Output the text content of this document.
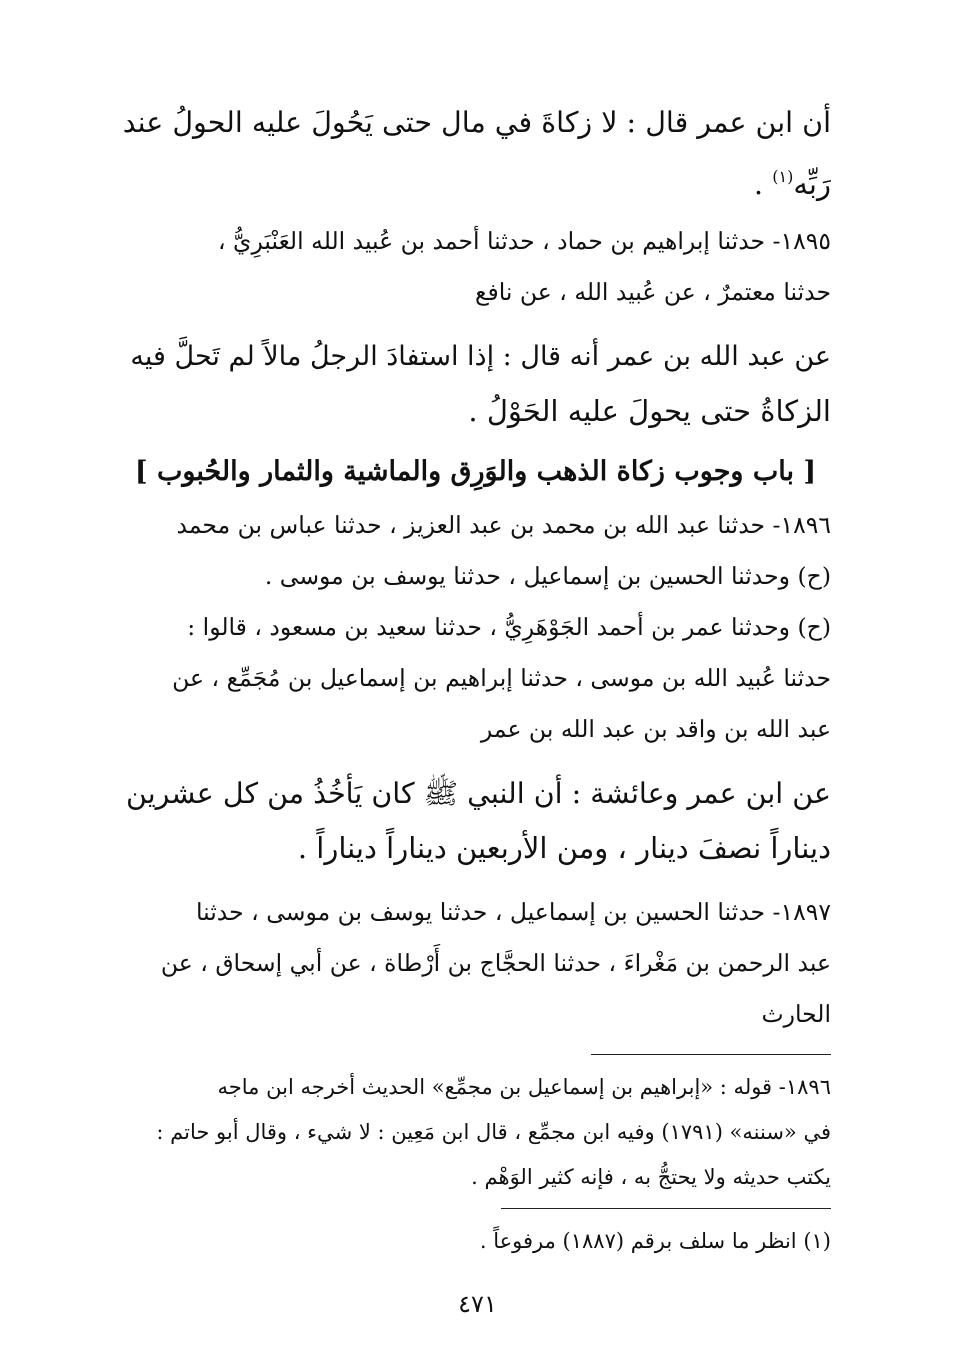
أن ابن عمر قال : لا زكاةَ في مال حتى يَحُولَ عليه الحولُ عند

رَبِّه$^{(١)}$ .

١٨٩٥- حدثنا إبراهيم بن حماد ، حدثنا أحمد بن عُبيد الله العَنْبَرِيُّ ،

حدثنا معتمرٌ ، عن عُبيد الله ، عن نافع

عن عبد الله بن عمر أنه قال : إذا استفادَ الرجلُ مالاً لم تَحلَّ فيه

الزكاةُ حتى يحولَ عليه الحَوْلُ .

[ باب وجوب زكاة الذهب والوَرِق والماشية والثمار والحُبوب ]

١٨٩٦- حدثنا عبد الله بن محمد بن عبد العزيز ، حدثنا عباس بن محمد

(ح) وحدثنا الحسين بن إسماعيل ، حدثنا يوسف بن موسى .

(ح) وحدثنا عمر بن أحمد الجَوْهَرِيُّ ، حدثنا سعيد بن مسعود ، قالوا :

حدثنا عُبيد الله بن موسى ، حدثنا إبراهيم بن إسماعيل بن مُجَمِّع ، عن

عبد الله بن واقد بن عبد الله بن عمر

عن ابن عمر وعائشة : أن النبي ﷺ كان يَأخُذُ من كل عشرين

ديناراً نصفَ دينار ، ومن الأربعين ديناراً ديناراً .

١٨٩٧- حدثنا الحسين بن إسماعيل ، حدثنا يوسف بن موسى ، حدثنا

عبد الرحمن بن مَغْراءَ ، حدثنا الحجَّاج بن أَرْطاة ، عن أبي إسحاق ، عن

الحارث

١٨٩٦- قوله : «إبراهيم بن إسماعيل بن مجمِّع» الحديث أخرجه ابن ماجه

في «سننه» (١٧٩١) وفيه ابن مجمِّع ، قال ابن مَعِين : لا شيء ، وقال أبو حاتم :

يكتب حديثه ولا يحتجُّ به ، فإنه كثير الوَهْم .

(١) انظر ما سلف برقم (١٨٨٧) مرفوعاً .

٤٧١
